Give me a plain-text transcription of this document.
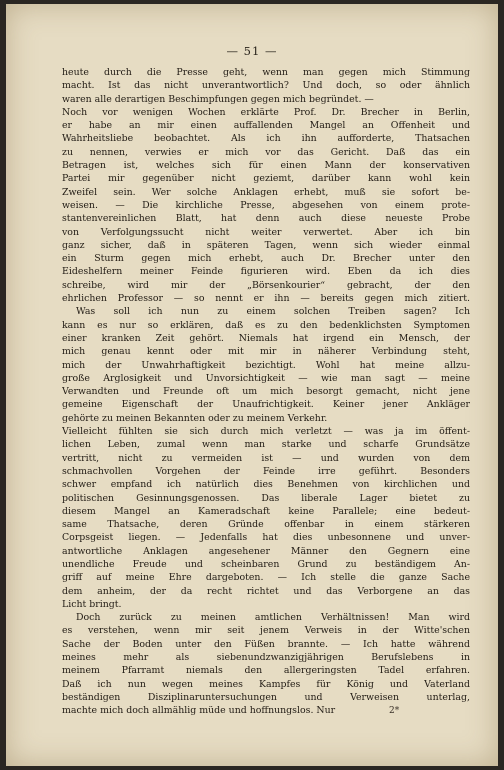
— 51 —
heute durch die Presse geht, wenn man gegen mich Stimmung
macht. Ist das nicht unverantwortlich? Und doch, so oder ähnlich
waren alle derartigen Beschimpfungen gegen mich begründet. —
Noch vor wenigen Wochen erklärte Prof. Dr. Brecher in Berlin,
er habe an mir einen auffallenden Mangel an Offenheit und
Wahrheitsliebe beobachtet. Als ich ihn aufforderte, Thatsachen
zu nennen, verwies er mich vor das Gericht. Daß das ein
Betragen ist, welches sich für einen Mann der konservativen
Partei mir gegenüber nicht geziemt, darüber kann wohl kein
Zweifel sein. Wer solche Anklagen erhebt, muß sie sofort be-
weisen. — Die kirchliche Presse, abgesehen von einem prote-
stantenvereinlichen Blatt, hat denn auch diese neueste Probe
von Verfolgungssucht nicht weiter verwertet. Aber ich bin
ganz sicher, daß in späteren Tagen, wenn sich wieder einmal
ein Sturm gegen mich erhebt, auch Dr. Brecher unter den
Eideshelfern meiner Feinde figurieren wird. Eben da ich dies
schreibe, wird mir der „Börsenkourier“ gebracht, der den
ehrlichen Professor — so nennt er ihn — bereits gegen mich zitiert.
Was soll ich nun zu einem solchen Treiben sagen? Ich
kann es nur so erklären, daß es zu den bedenklichsten Symptomen
einer kranken Zeit gehört. Niemals hat irgend ein Mensch, der
mich genau kennt oder mit mir in näherer Verbindung steht,
mich der Unwahrhaftigkeit bezichtigt. Wohl hat meine allzu-
große Arglosigkeit und Unvorsichtigkeit — wie man sagt — meine
Verwandten und Freunde oft um mich besorgt gemacht, nicht jene
gemeine Eigenschaft der Unaufrichtigkeit. Keiner jener Ankläger
gehörte zu meinen Bekannten oder zu meinem Verkehr.
Vielleicht fühlten sie sich durch mich verletzt — was ja im öffent-
lichen Leben, zumal wenn man starke und scharfe Grundsätze
vertritt, nicht zu vermeiden ist — und wurden von dem
schmachvollen Vorgehen der Feinde irre geführt. Besonders
schwer empfand ich natürlich dies Benehmen von kirchlichen und
politischen Gesinnungsgenossen. Das liberale Lager bietet zu
diesem Mangel an Kameradschaft keine Parallele; eine bedeut-
same Thatsache, deren Gründe offenbar in einem stärkeren
Corpsgeist liegen. — Jedenfalls hat dies unbesonnene und unver-
antwortliche Anklagen angesehener Männer den Gegnern eine
unendliche Freude und scheinbaren Grund zu beständigem An-
griff auf meine Ehre dargeboten. — Ich stelle die ganze Sache
dem anheim, der da recht richtet und das Verborgene an das
Licht bringt.
Doch zurück zu meinen amtlichen Verhältnissen! Man wird
es verstehen, wenn mir seit jenem Verweis in der Witte'schen
Sache der Boden unter den Füßen brannte. — Ich hatte während
meines mehr als siebenundzwanzigjährigen Berufslebens in
meinem Pfarramt niemals den allergeringsten Tadel erfahren.
Daß ich nun wegen meines Kampfes für König und Vaterland
beständigen Disziplinaruntersuchungen und Verweisen unterlag,
machte mich doch allmählig müde und hoffnungslos. Nur	2*
